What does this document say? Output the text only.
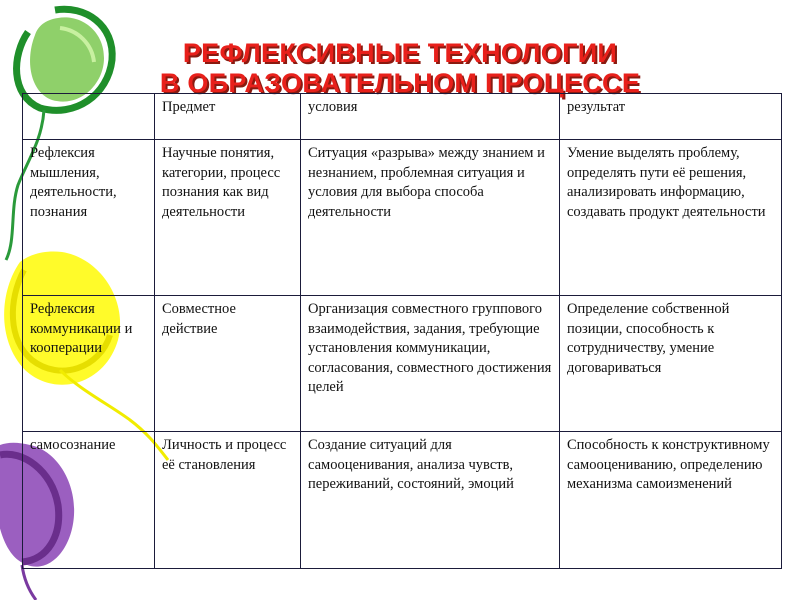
РЕФЛЕКСИВНЫЕ ТЕХНОЛОГИИ
В ОБРАЗОВАТЕЛЬНОМ ПРОЦЕССЕ
	Предмет	условия	результат
Рефлексия мышления, деятельности, познания	Научные понятия, категории, процесс познания как вид деятельности	Ситуация «разрыва» между знанием и незнанием, проблемная ситуация и условия для выбора способа деятельности	Умение выделять проблему, определять пути её решения, анализировать информацию, создавать продукт деятельности
Рефлексия коммуникации и кооперации	Совместное действие	Организация совместного группового взаимодействия, задания, требующие установления коммуникации, согласования, совместного достижения целей	Определение собственной позиции, способность к сотрудничеству, умение договариваться
самосознание	Личность и процесс её становления	Создание ситуаций для самооценивания, анализа чувств, переживаний, состояний, эмоций	Способность к конструктивному самооцениванию, определению механизма самоизменений
